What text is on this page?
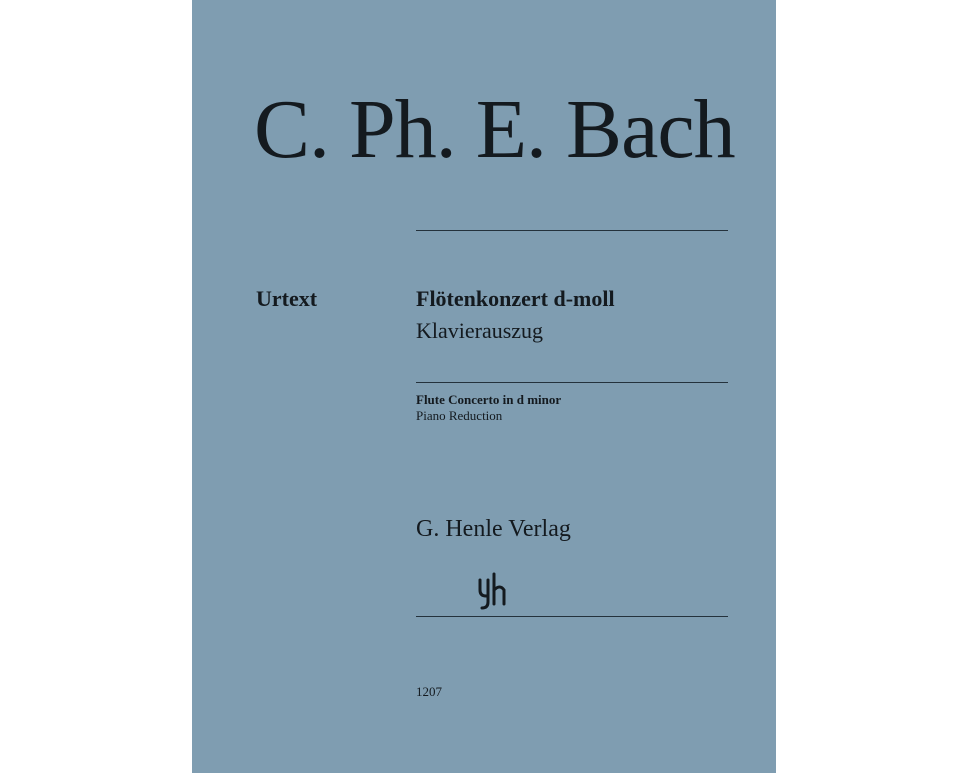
C. Ph. E. Bach
Urtext	Flötenkonzert d-moll
Klavierauszug
Flute Concerto in d minor
Piano Reduction
G. Henle Verlag
1207
